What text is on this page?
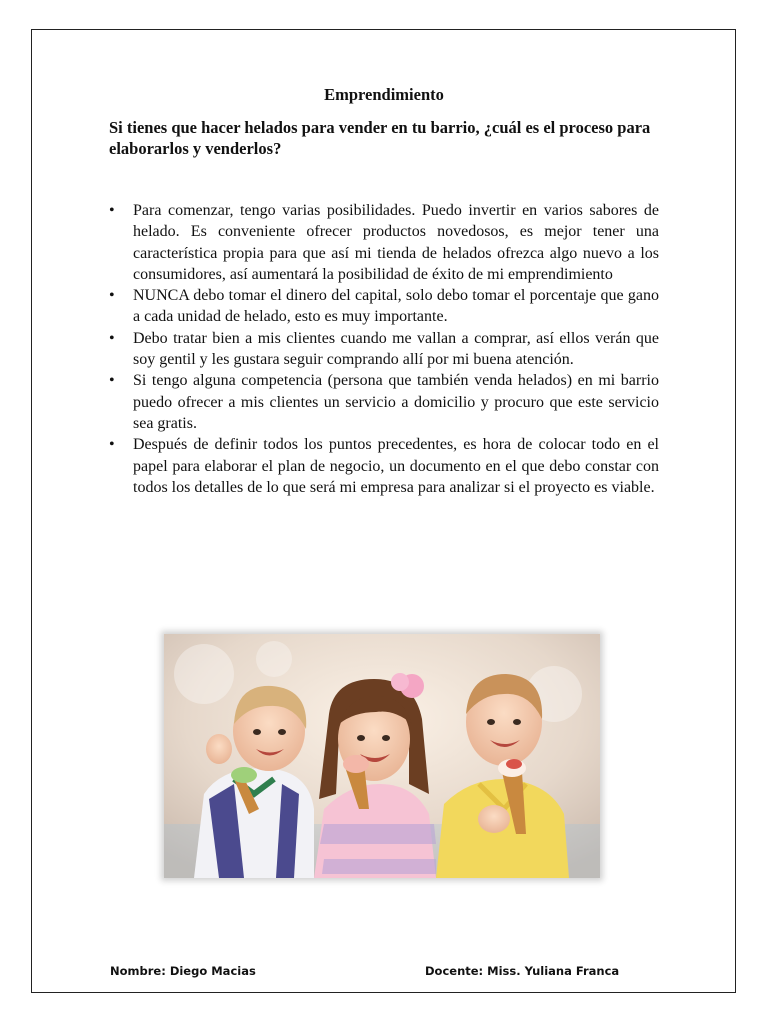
Emprendimiento
Si tienes que hacer helados para vender en tu barrio, ¿cuál es el proceso para elaborarlos y venderlos?
• Para comenzar, tengo varias posibilidades. Puedo invertir en varios sabores de helado. Es conveniente ofrecer productos novedosos, es mejor tener una característica propia para que así mi tienda de helados ofrezca algo nuevo a los consumidores, así aumentará la posibilidad de éxito de mi emprendimiento
• NUNCA debo tomar el dinero del capital, solo debo tomar el porcentaje que gano a cada unidad de helado, esto es muy importante.
• Debo tratar bien a mis clientes cuando me vallan a comprar, así ellos verán que soy gentil y les gustara seguir comprando allí por mi buena atención.
• Si tengo alguna competencia (persona que también venda helados) en mi barrio puedo ofrecer a mis clientes un servicio a domicilio y procuro que este servicio sea gratis.
• Después de definir todos los puntos precedentes, es hora de colocar todo en el papel para elaborar el plan de negocio, un documento en el que debo constar con todos los detalles de lo que será mi empresa para analizar si el proyecto es viable.
Nombre: Diego Macias	Docente: Miss. Yuliana Franca
